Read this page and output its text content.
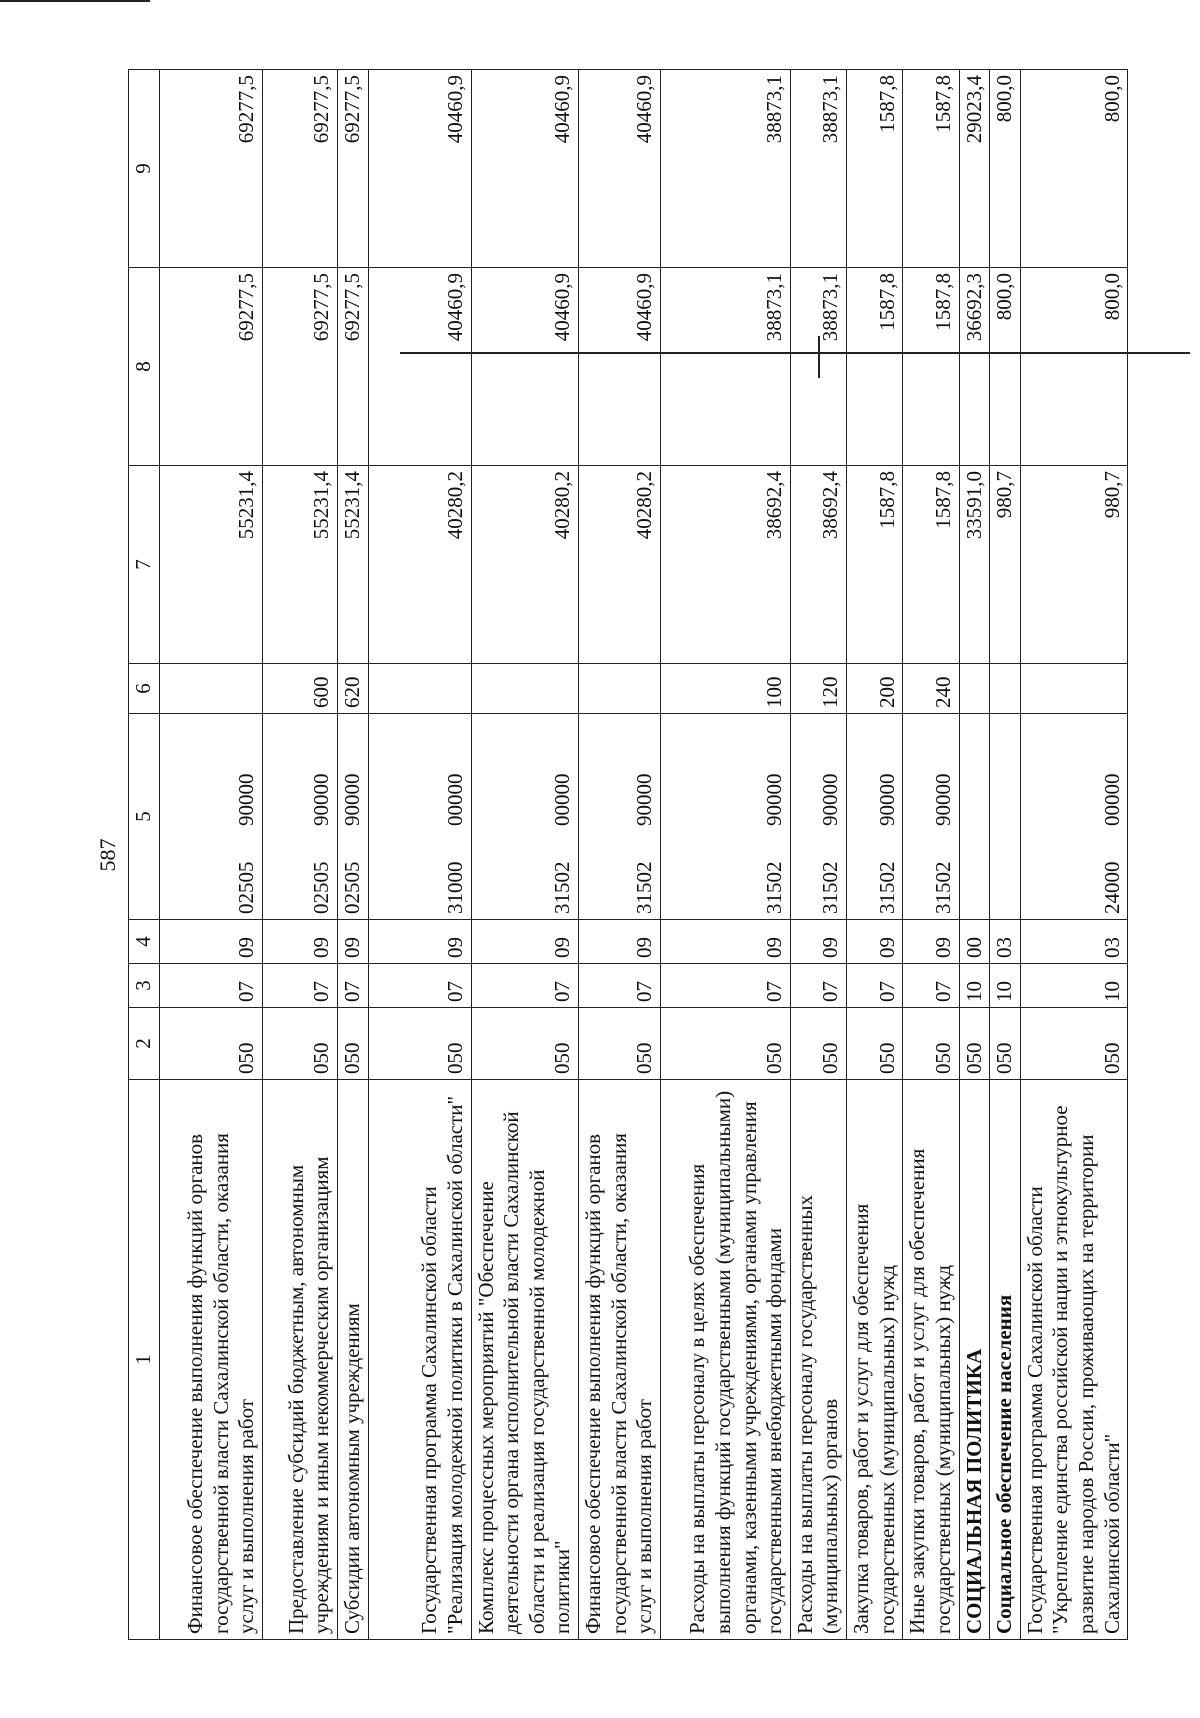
587
1	2	3	4	5	6	7	8	9
Финансовое обеспечение выполнения функций органов государственной власти Сахалинской области, оказания услуг и выполнения работ	050	07	09	0250590000		55231,4	69277,5	69277,5
Предоставление субсидий бюджетным, автономным учреждениям и иным некоммерческим организациям	050	07	09	0250590000	600	55231,4	69277,5	69277,5
Субсидии автономным учреждениям	050	07	09	0250590000	620	55231,4	69277,5	69277,5
Государственная программа Сахалинской области "Реализация молодежной политики в Сахалинской области"	050	07	09	3100000000		40280,2	40460,9	40460,9
Комплекс процессных мероприятий "Обеспечение деятельности органа исполнительной власти Сахалинской области и реализация государственной молодежной политики"	050	07	09	3150200000		40280,2	40460,9	40460,9
Финансовое обеспечение выполнения функций органов государственной власти Сахалинской области, оказания услуг и выполнения работ	050	07	09	3150290000		40280,2	40460,9	40460,9
Расходы на выплаты персоналу в целях обеспечения выполнения функций государственными (муниципальными) органами, казенными учреждениями, органами управления государственными внебюджетными фондами	050	07	09	3150290000	100	38692,4	38873,1	38873,1
Расходы на выплаты персоналу государственных (муниципальных) органов	050	07	09	3150290000	120	38692,4	38873,1	38873,1
Закупка товаров, работ и услуг для обеспечения государственных (муниципальных) нужд	050	07	09	3150290000	200	1587,8	1587,8	1587,8
Иные закупки товаров, работ и услуг для обеспечения государственных (муниципальных) нужд	050	07	09	3150290000	240	1587,8	1587,8	1587,8
СОЦИАЛЬНАЯ ПОЛИТИКА	050	10	00			33591,0	36692,3	29023,4
Социальное обеспечение населения	050	10	03			980,7	800,0	800,0
Государственная программа Сахалинской области "Укрепление единства российской нации и этнокультурное развитие народов России, проживающих на территории Сахалинской области"	050	10	03	2400000000		980,7	800,0	800,0
